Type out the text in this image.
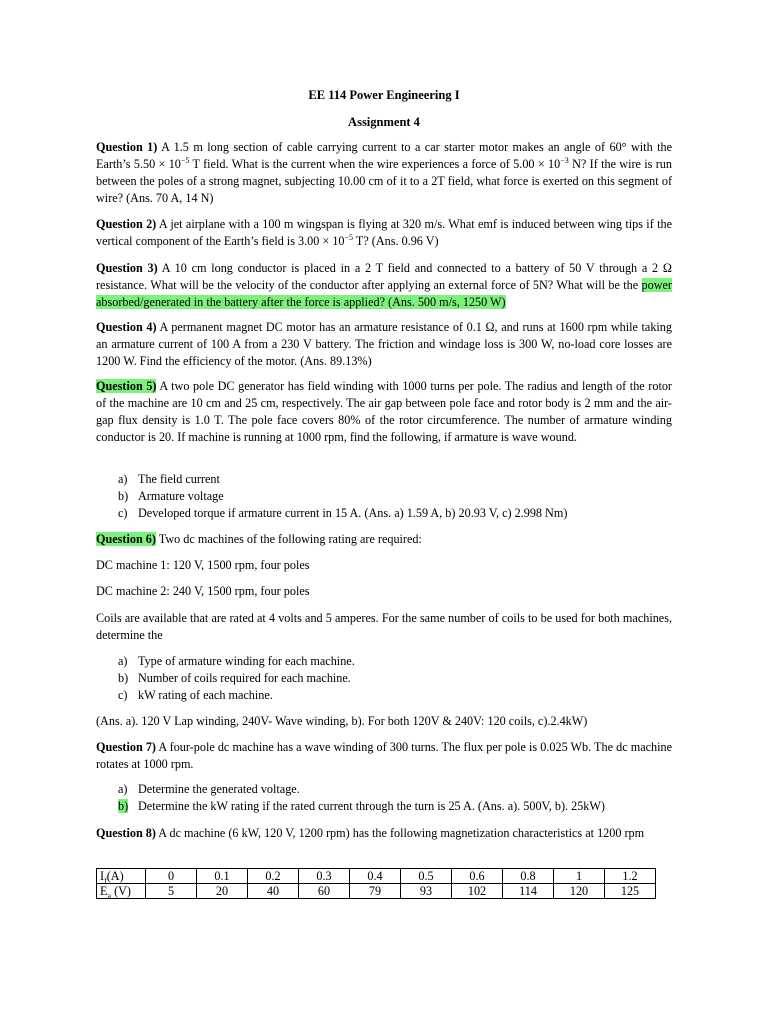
EE 114 Power Engineering I
Assignment 4
Question 1) A 1.5 m long section of cable carrying current to a car starter motor makes an angle of 60° with the Earth’s $5.50 \times 10^{-5}$ T field. What is the current when the wire experiences a force of $5.00 \times 10^{-3}$ N? If the wire is run between the poles of a strong magnet, subjecting 10.00 cm of it to a 2T field, what force is exerted on this segment of wire? (Ans. 70 A, 14 N)
Question 2) A jet airplane with a 100 m wingspan is flying at 320 m/s. What emf is induced between wing tips if the vertical component of the Earth’s field is $3.00 \times 10^{-5}$ T? (Ans. 0.96 V)
Question 3) A 10 cm long conductor is placed in a 2 T field and connected to a battery of 50 V through a 2 Ω resistance. What will be the velocity of the conductor after applying an external force of 5N? What will be the power absorbed/generated in the battery after the force is applied? (Ans. 500 m/s, 1250 W)
Question 4) A permanent magnet DC motor has an armature resistance of 0.1 Ω, and runs at 1600 rpm while taking an armature current of 100 A from a 230 V battery. The friction and windage loss is 300 W, no-load core losses are 1200 W. Find the efficiency of the motor. (Ans. 89.13%)
Question 5) A two pole DC generator has field winding with 1000 turns per pole. The radius and length of the rotor of the machine are 10 cm and 25 cm, respectively. The air gap between pole face and rotor body is 2 mm and the air-gap flux density is 1.0 T. The pole face covers 80% of the rotor circumference. The number of armature winding conductor is 20. If machine is running at 1000 rpm, find the following, if armature is wave wound.
a) The field current
b) Armature voltage
c) Developed torque if armature current in 15 A. (Ans. a) 1.59 A, b) 20.93 V, c) 2.998 Nm)
Question 6) Two dc machines of the following rating are required:
DC machine 1: 120 V, 1500 rpm, four poles
DC machine 2: 240 V, 1500 rpm, four poles
Coils are available that are rated at 4 volts and 5 amperes. For the same number of coils to be used for both machines, determine the
a) Type of armature winding for each machine.
b) Number of coils required for each machine.
c) kW rating of each machine.
(Ans. a). 120 V Lap winding, 240V- Wave winding, b). For both 120V & 240V: 120 coils, c).2.4kW)
Question 7) A four-pole dc machine has a wave winding of 300 turns. The flux per pole is 0.025 Wb. The dc machine rotates at 1000 rpm.
a) Determine the generated voltage.
b) Determine the kW rating if the rated current through the turn is 25 A. (Ans. a). 500V, b). 25kW)
Question 8) A dc machine (6 kW, 120 V, 1200 rpm) has the following magnetization characteristics at 1200 rpm
$I_f(A)$	0	0.1	0.2	0.3	0.4	0.5	0.6	0.8	1	1.2
$E_a$ (V)	5	20	40	60	79	93	102	114	120	125
